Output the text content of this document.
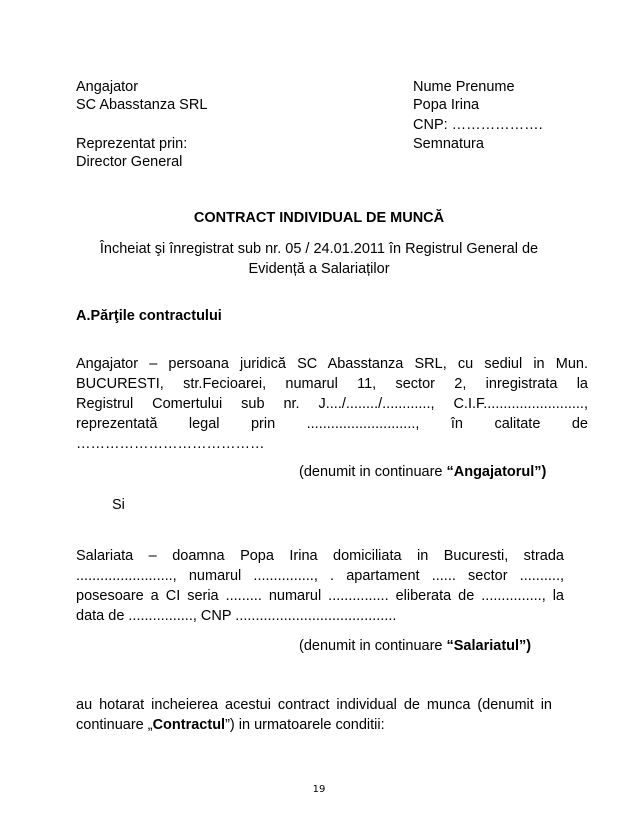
Angajator
SC Abasstanza SRL
Reprezentat prin:
Director General
Nume Prenume
Popa Irina
CNP: ……………….
Semnatura
CONTRACT INDIVIDUAL DE MUNCĂ
Încheiat şi înregistrat sub nr. 05 / 24.01.2011 în Registrul General de
Evidență a Salariaților
A.Părţile contractului
Angajator – persoana juridică SC Abasstanza SRL, cu sediul in Mun.
BUCURESTI, str.Fecioarei, numarul 11, sector 2, inregistrata la
Registrul Comertului sub nr. J..../......../............, C.I.F.........................,
reprezentată legal prin ..........................., în calitate de
…………………………………
(denumit in continuare “Angajatorul”)
Si
Salariata – doamna Popa Irina domiciliata in Bucuresti, strada
........................, numarul ..............., . apartament ...... sector ..........,
posesoare a CI seria ......... numarul ............... eliberata de ..............., la
data de ................, CNP ........................................
(denumit in continuare “Salariatul”)
au hotarat incheierea acestui contract individual de munca (denumit in
continuare „Contractul”) in urmatoarele conditii:
19
